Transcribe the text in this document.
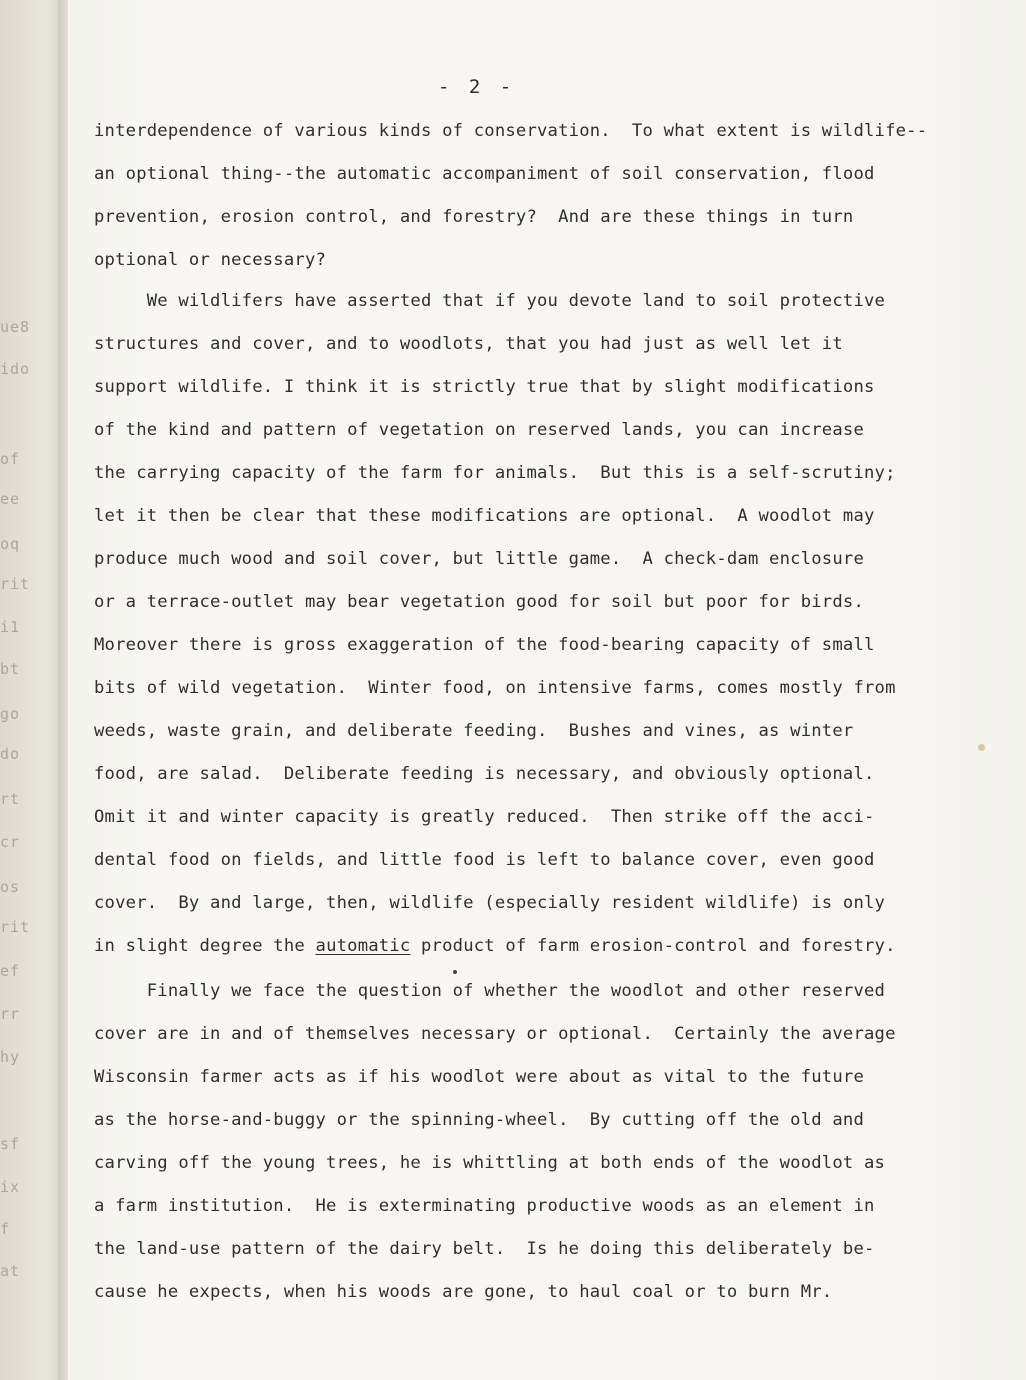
ue8
ido
of
ee
oq
rit
i1
bt
go
do
rt
cr
os
rit
ef
rr
hy
sf
ix
f
at
- 2 -
interdependence of various kinds of conservation.  To what extent is wildlife--
an optional thing--the automatic accompaniment of soil conservation, flood
prevention, erosion control, and forestry?  And are these things in turn
optional or necessary?
We wildlifers have asserted that if you devote land to soil protective
structures and cover, and to woodlots, that you had just as well let it
support wildlife. I think it is strictly true that by slight modifications
of the kind and pattern of vegetation on reserved lands, you can increase
the carrying capacity of the farm for animals.  But this is a self-scrutiny;
let it then be clear that these modifications are optional.  A woodlot may
produce much wood and soil cover, but little game.  A check-dam enclosure
or a terrace-outlet may bear vegetation good for soil but poor for birds.
Moreover there is gross exaggeration of the food-bearing capacity of small
bits of wild vegetation.  Winter food, on intensive farms, comes mostly from
weeds, waste grain, and deliberate feeding.  Bushes and vines, as winter
food, are salad.  Deliberate feeding is necessary, and obviously optional.
Omit it and winter capacity is greatly reduced.  Then strike off the acci-
dental food on fields, and little food is left to balance cover, even good
cover.  By and large, then, wildlife (especially resident wildlife) is only
in slight degree the automatic product of farm erosion-control and forestry.
Finally we face the question of whether the woodlot and other reserved
cover are in and of themselves necessary or optional.  Certainly the average
Wisconsin farmer acts as if his woodlot were about as vital to the future
as the horse-and-buggy or the spinning-wheel.  By cutting off the old and
carving off the young trees, he is whittling at both ends of the woodlot as
a farm institution.  He is exterminating productive woods as an element in
the land-use pattern of the dairy belt.  Is he doing this deliberately be-
cause he expects, when his woods are gone, to haul coal or to burn Mr.
